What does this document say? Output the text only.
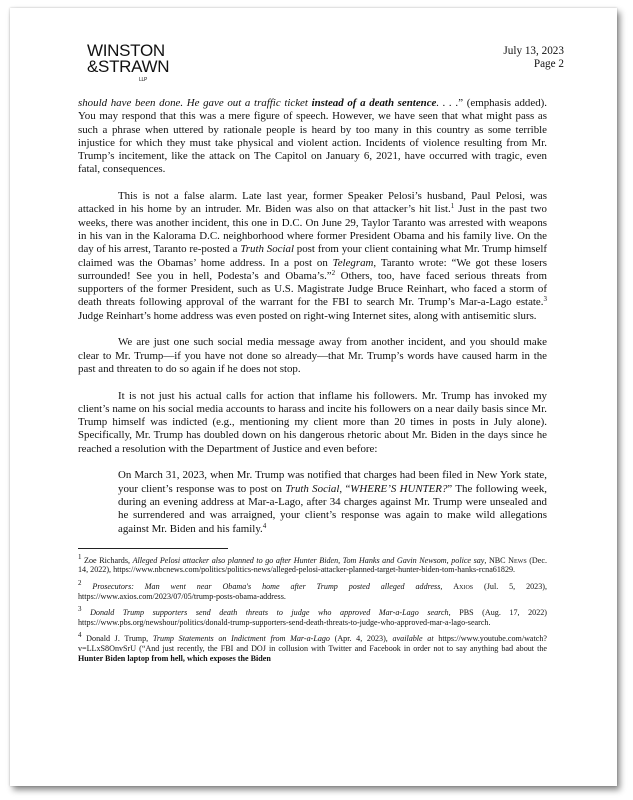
WINSTON
&STRAWN
LLP
July 13, 2023
Page 2

should have been done. He gave out a traffic ticket instead of a death sentence. . . .” (emphasis added). You may respond that this was a mere figure of speech. However, we have seen that what might pass as such a phrase when uttered by rationale people is heard by too many in this country as some terrible injustice for which they must take physical and violent action. Incidents of violence resulting from Mr. Trump’s incitement, like the attack on The Capitol on January 6, 2021, have occurred with tragic, even fatal, consequences.

This is not a false alarm. Late last year, former Speaker Pelosi’s husband, Paul Pelosi, was attacked in his home by an intruder. Mr. Biden was also on that attacker’s hit list.$^1$ Just in the past two weeks, there was another incident, this one in D.C. On June 29, Taylor Taranto was arrested with weapons in his van in the Kalorama D.C. neighborhood where former President Obama and his family live. On the day of his arrest, Taranto re-posted a Truth Social post from your client containing what Mr. Trump himself claimed was the Obamas’ home address. In a post on Telegram, Taranto wrote: “We got these losers surrounded! See you in hell, Podesta’s and Obama’s.”$^2$ Others, too, have faced serious threats from supporters of the former President, such as U.S. Magistrate Judge Bruce Reinhart, who faced a storm of death threats following approval of the warrant for the FBI to search Mr. Trump’s Mar-a-Lago estate.$^3$ Judge Reinhart’s home address was even posted on right-wing Internet sites, along with antisemitic slurs.

We are just one such social media message away from another incident, and you should make clear to Mr. Trump—if you have not done so already—that Mr. Trump’s words have caused harm in the past and threaten to do so again if he does not stop.

It is not just his actual calls for action that inflame his followers. Mr. Trump has invoked my client’s name on his social media accounts to harass and incite his followers on a near daily basis since Mr. Trump himself was indicted (e.g., mentioning my client more than 20 times in posts in July alone). Specifically, Mr. Trump has doubled down on his dangerous rhetoric about Mr. Biden in the days since he reached a resolution with the Department of Justice and even before:

On March 31, 2023, when Mr. Trump was notified that charges had been filed in New York state, your client’s response was to post on Truth Social, “WHERE’S HUNTER?” The following week, during an evening address at Mar-a-Lago, after 34 charges against Mr. Trump were unsealed and he surrendered and was arraigned, your client’s response was again to make wild allegations against Mr. Biden and his family.$^4$
$^1$ Zoe Richards, Alleged Pelosi attacker also planned to go after Hunter Biden, Tom Hanks and Gavin Newsom, police say, NBC News (Dec. 14, 2022), https://www.nbcnews.com/politics/politics-news/alleged-pelosi-attacker-planned-target-hunter-biden-tom-hanks-rcna61829.
$^2$ Prosecutors: Man went near Obama's home after Trump posted alleged address, Axios (Jul. 5, 2023), https://www.axios.com/2023/07/05/trump-posts-obama-address.
$^3$ Donald Trump supporters send death threats to judge who approved Mar-a-Lago search, PBS (Aug. 17, 2022) https://www.pbs.org/newshour/politics/donald-trump-supporters-send-death-threats-to-judge-who-approved-mar-a-lago-search.
$^4$ Donald J. Trump, Trump Statements on Indictment from Mar-a-Lago (Apr. 4, 2023), available at https://www.youtube.com/watch?v=LLxS8OnvSrU (“And just recently, the FBI and DOJ in collusion with Twitter and Facebook in order not to say anything bad about the Hunter Biden laptop from hell, which exposes the Biden
